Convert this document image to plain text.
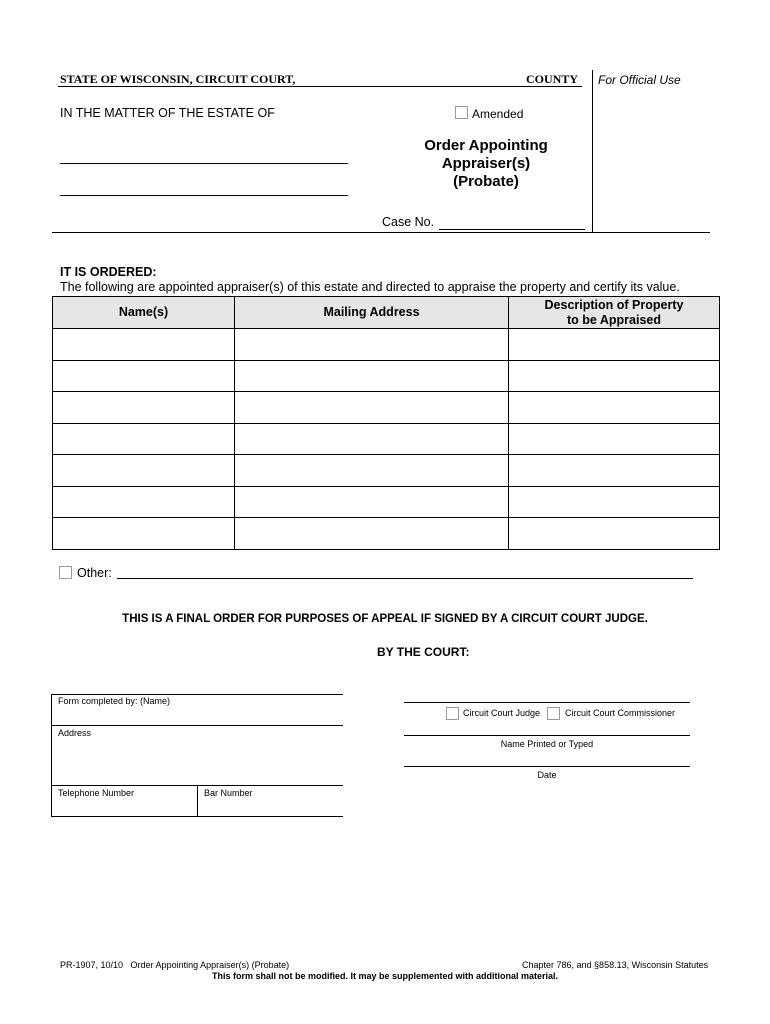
STATE OF WISCONSIN, CIRCUIT COURT,	COUNTY For Official Use
IN THE MATTER OF THE ESTATE OF	Amended
Order Appointing
Appraiser(s)
(Probate)
Case No.
IT IS ORDERED:
The following are appointed appraiser(s) of this estate and directed to appraise the property and certify its value.
Name(s)	Mailing Address	Description of Property
to be Appraised

Other:
THIS IS A FINAL ORDER FOR PURPOSES OF APPEAL IF SIGNED BY A CIRCUIT COURT JUDGE.
BY THE COURT:
Form completed by: (Name)
Address
Telephone Number	Bar Number
Circuit Court Judge	Circuit Court Commissioner
Name Printed or Typed
Date
PR-1907, 10/10   Order Appointing Appraiser(s) (Probate)	Chapter 786, and §858.13, Wisconsin Statutes
This form shall not be modified. It may be supplemented with additional material.
